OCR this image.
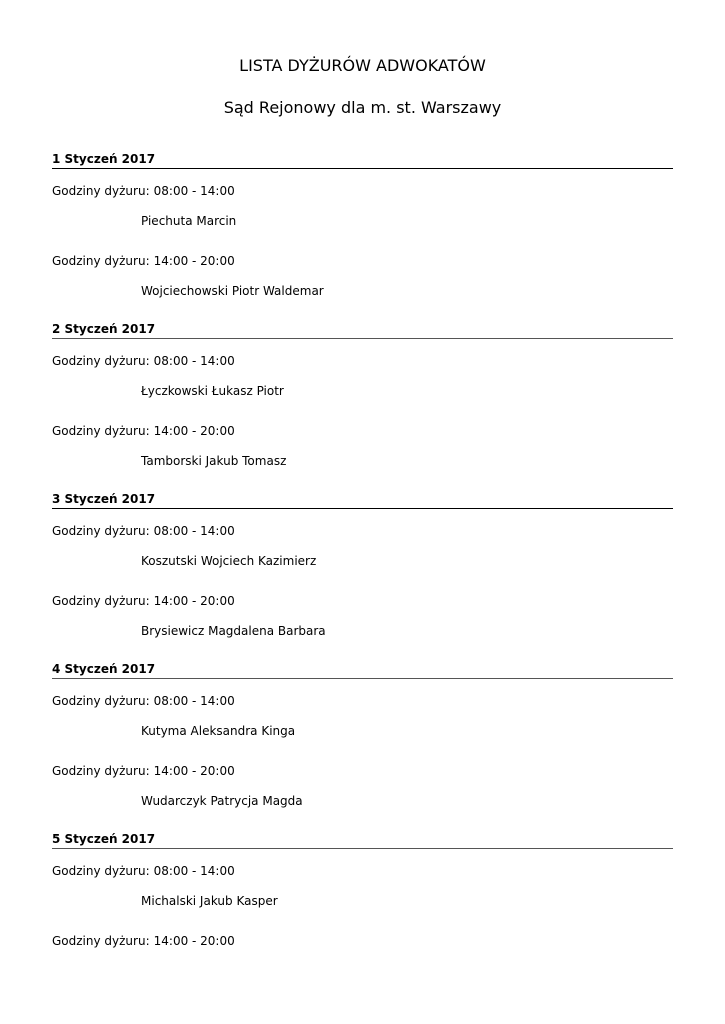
LISTA DYŻURÓW ADWOKATÓW
Sąd Rejonowy dla m. st. Warszawy
1 Styczeń 2017
Godziny dyżuru: 08:00 - 14:00
Piechuta Marcin
Godziny dyżuru: 14:00 - 20:00
Wojciechowski Piotr Waldemar
2 Styczeń 2017
Godziny dyżuru: 08:00 - 14:00
Łyczkowski Łukasz Piotr
Godziny dyżuru: 14:00 - 20:00
Tamborski Jakub Tomasz
3 Styczeń 2017
Godziny dyżuru: 08:00 - 14:00
Koszutski Wojciech Kazimierz
Godziny dyżuru: 14:00 - 20:00
Brysiewicz Magdalena Barbara
4 Styczeń 2017
Godziny dyżuru: 08:00 - 14:00
Kutyma Aleksandra Kinga
Godziny dyżuru: 14:00 - 20:00
Wudarczyk Patrycja Magda
5 Styczeń 2017
Godziny dyżuru: 08:00 - 14:00
Michalski Jakub Kasper
Godziny dyżuru: 14:00 - 20:00
